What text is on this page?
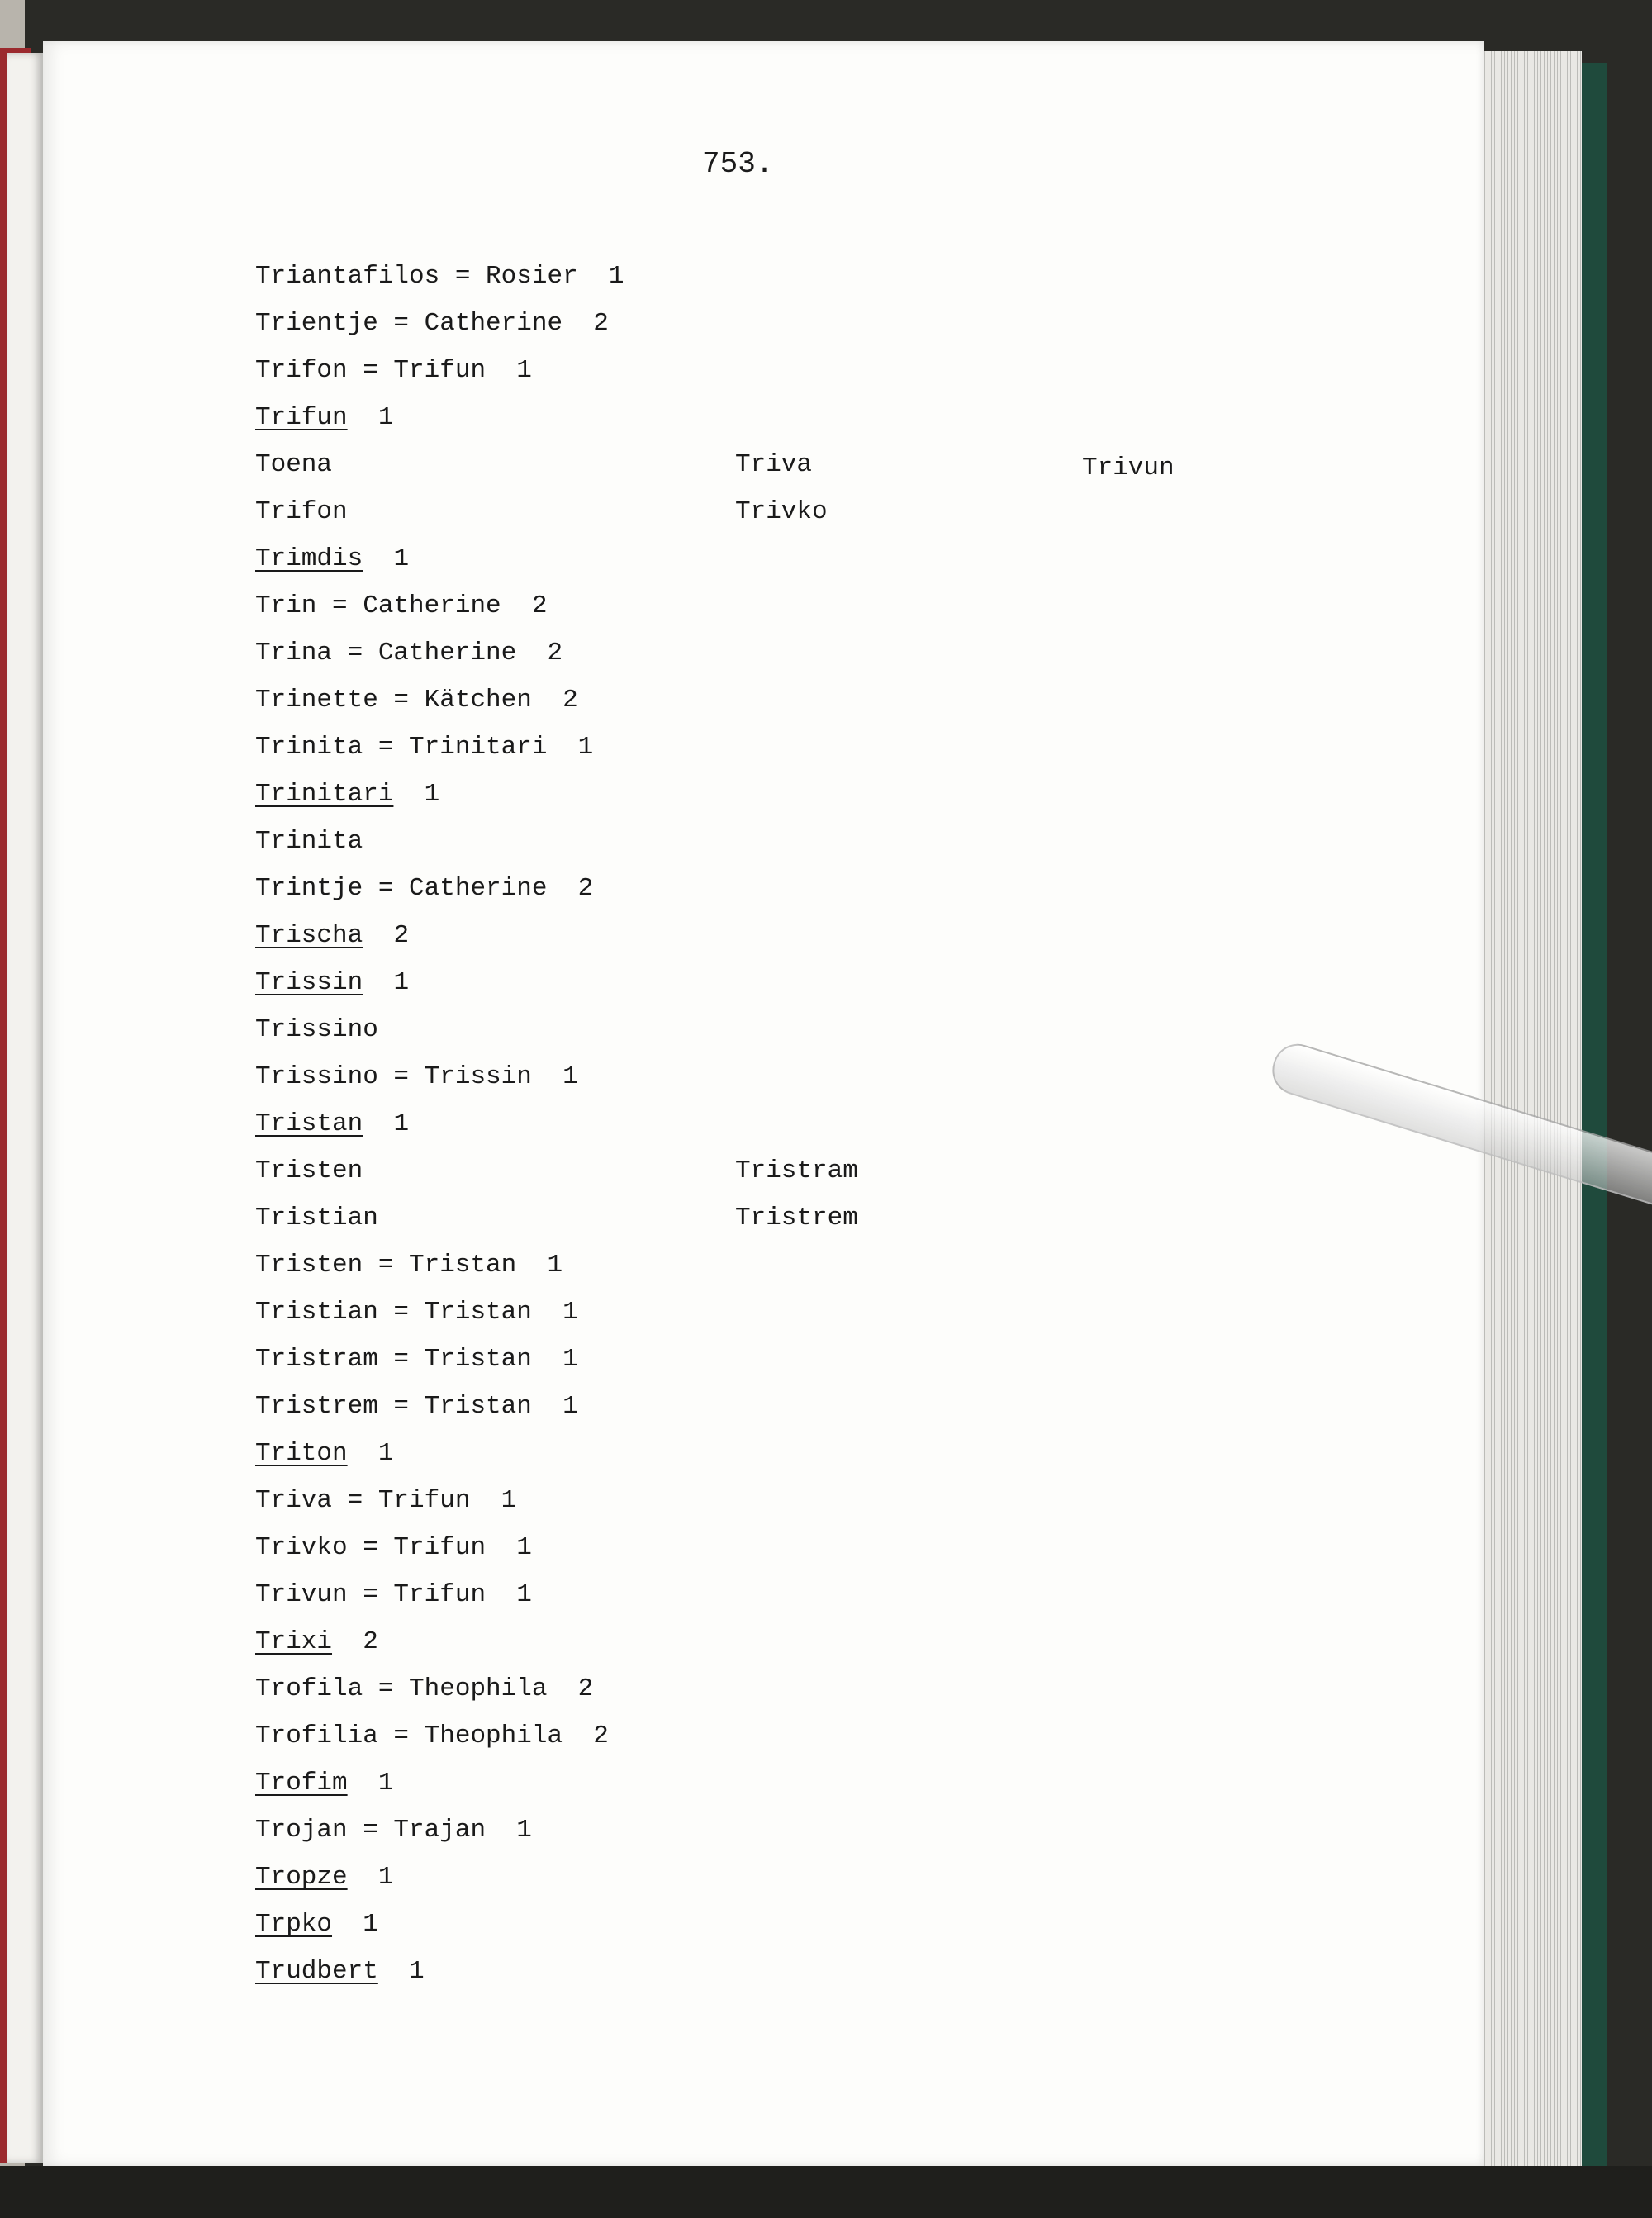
753.
Triantafilos = Rosier  1
Trientje = Catherine  2
Trifon = Trifun  1
Trifun  1
Toena
Trifon
Trimdis  1
Trin = Catherine  2
Trina = Catherine  2
Trinette = Kätchen  2
Trinita = Trinitari  1
Trinitari  1
Trinita
Trintje = Catherine  2
Trischa  2
Trissin  1
Trissino
Trissino = Trissin  1
Tristan  1
Tristen
Tristian
Tristen = Tristan  1
Tristian = Tristan  1
Tristram = Tristan  1
Tristrem = Tristan  1
Triton  1
Triva = Trifun  1
Trivko = Trifun  1
Trivun = Trifun  1
Trixi  2
Trofila = Theophila  2
Trofilia = Theophila  2
Trofim  1
Trojan = Trajan  1
Tropze  1
Trpko  1
Trudbert  1
Triva	Trivun
Trivko
Tristram
Tristrem
